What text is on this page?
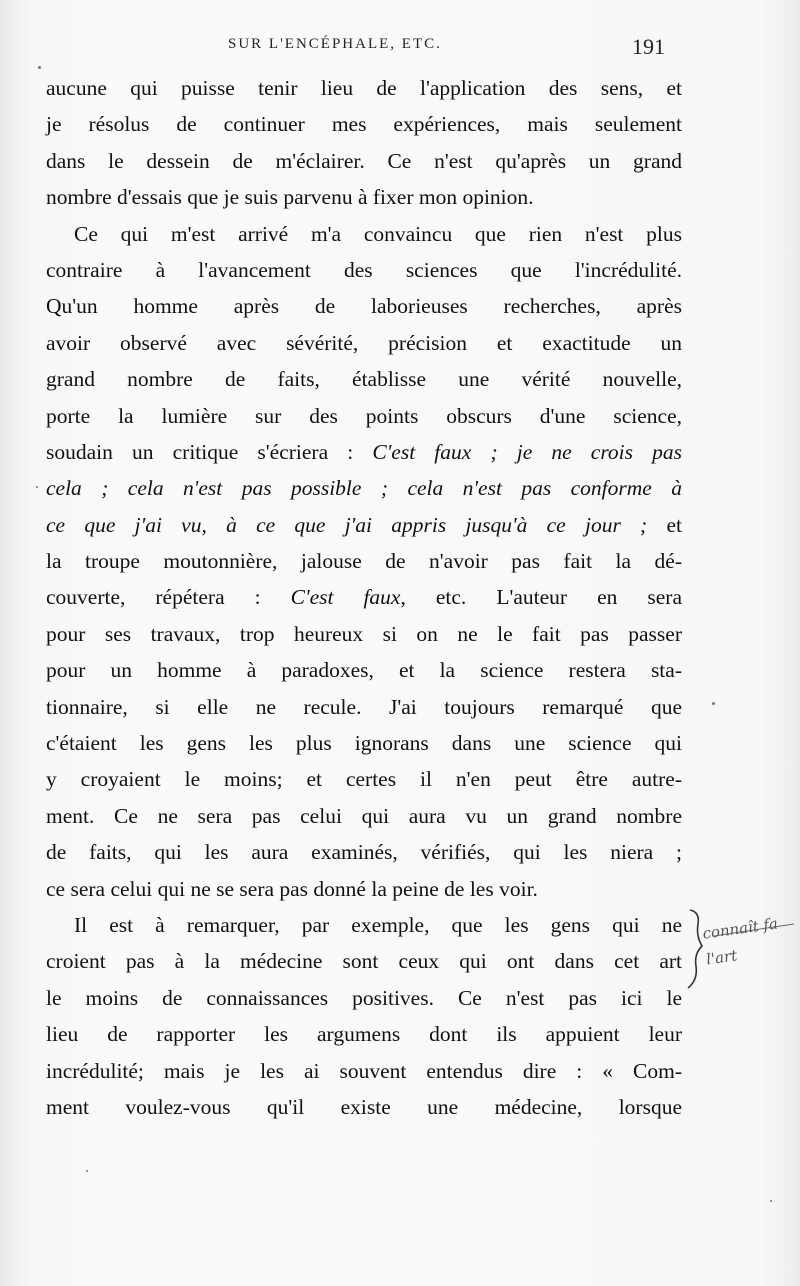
SUR L'ENCÉPHALE, ETC.	191
aucune qui puisse tenir lieu de l'application des sens, et
je résolus de continuer mes expériences, mais seulement
dans le dessein de m'éclairer. Ce n'est qu'après un grand
nombre d'essais que je suis parvenu à fixer mon opinion.
Ce qui m'est arrivé m'a convaincu que rien n'est plus
contraire à l'avancement des sciences que l'incrédulité.
Qu'un homme après de laborieuses recherches, après
avoir observé avec sévérité, précision et exactitude un
grand nombre de faits, établisse une vérité nouvelle,
porte la lumière sur des points obscurs d'une science,
soudain un critique s'écriera : C'est faux ; je ne crois pas
cela ; cela n'est pas possible ; cela n'est pas conforme à
ce que j'ai vu, à ce que j'ai appris jusqu'à ce jour ; et
la troupe moutonnière, jalouse de n'avoir pas fait la dé-
couverte, répétera : C'est faux, etc. L'auteur en sera
pour ses travaux, trop heureux si on ne le fait pas passer
pour un homme à paradoxes, et la science restera sta-
tionnaire, si elle ne recule. J'ai toujours remarqué que
c'étaient les gens les plus ignorans dans une science qui
y croyaient le moins; et certes il n'en peut être autre-
ment. Ce ne sera pas celui qui aura vu un grand nombre
de faits, qui les aura examinés, vérifiés, qui les niera ;
ce sera celui qui ne se sera pas donné la peine de les voir.
Il est à remarquer, par exemple, que les gens qui ne
croient pas à la médecine sont ceux qui ont dans cet art
le moins de connaissances positives. Ce n'est pas ici le
lieu de rapporter les argumens dont ils appuient leur
incrédulité; mais je les ai souvent entendus dire : « Com-
ment voulez-vous qu'il existe une médecine, lorsque
connaît fa
l'art
